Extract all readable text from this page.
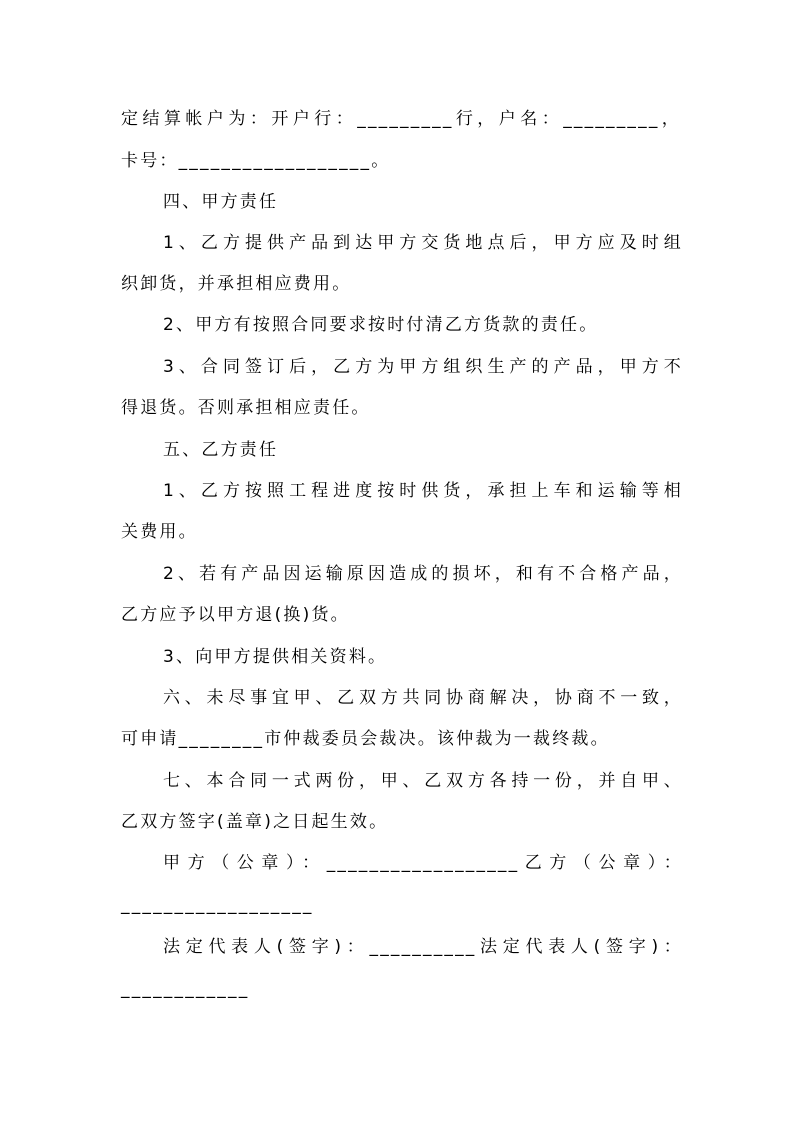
定结算帐户为：开户行：_________行，户名：_________，
卡号：__________________。
四、甲方责任
1、乙方提供产品到达甲方交货地点后，甲方应及时组
织卸货，并承担相应费用。
2、甲方有按照合同要求按时付清乙方货款的责任。
3、合同签订后，乙方为甲方组织生产的产品，甲方不
得退货。否则承担相应责任。
五、乙方责任
1、乙方按照工程进度按时供货，承担上车和运输等相
关费用。
2、若有产品因运输原因造成的损坏，和有不合格产品，
乙方应予以甲方退(换)货。
3、向甲方提供相关资料。
六、未尽事宜甲、乙双方共同协商解决，协商不一致，
可申请________市仲裁委员会裁决。该仲裁为一裁终裁。
七、本合同一式两份，甲、乙双方各持一份，并自甲、
乙双方签字(盖章)之日起生效。
甲方（公章）：__________________乙方（公章）：
__________________
法定代表人(签字)：__________法定代表人(签字)：
____________
